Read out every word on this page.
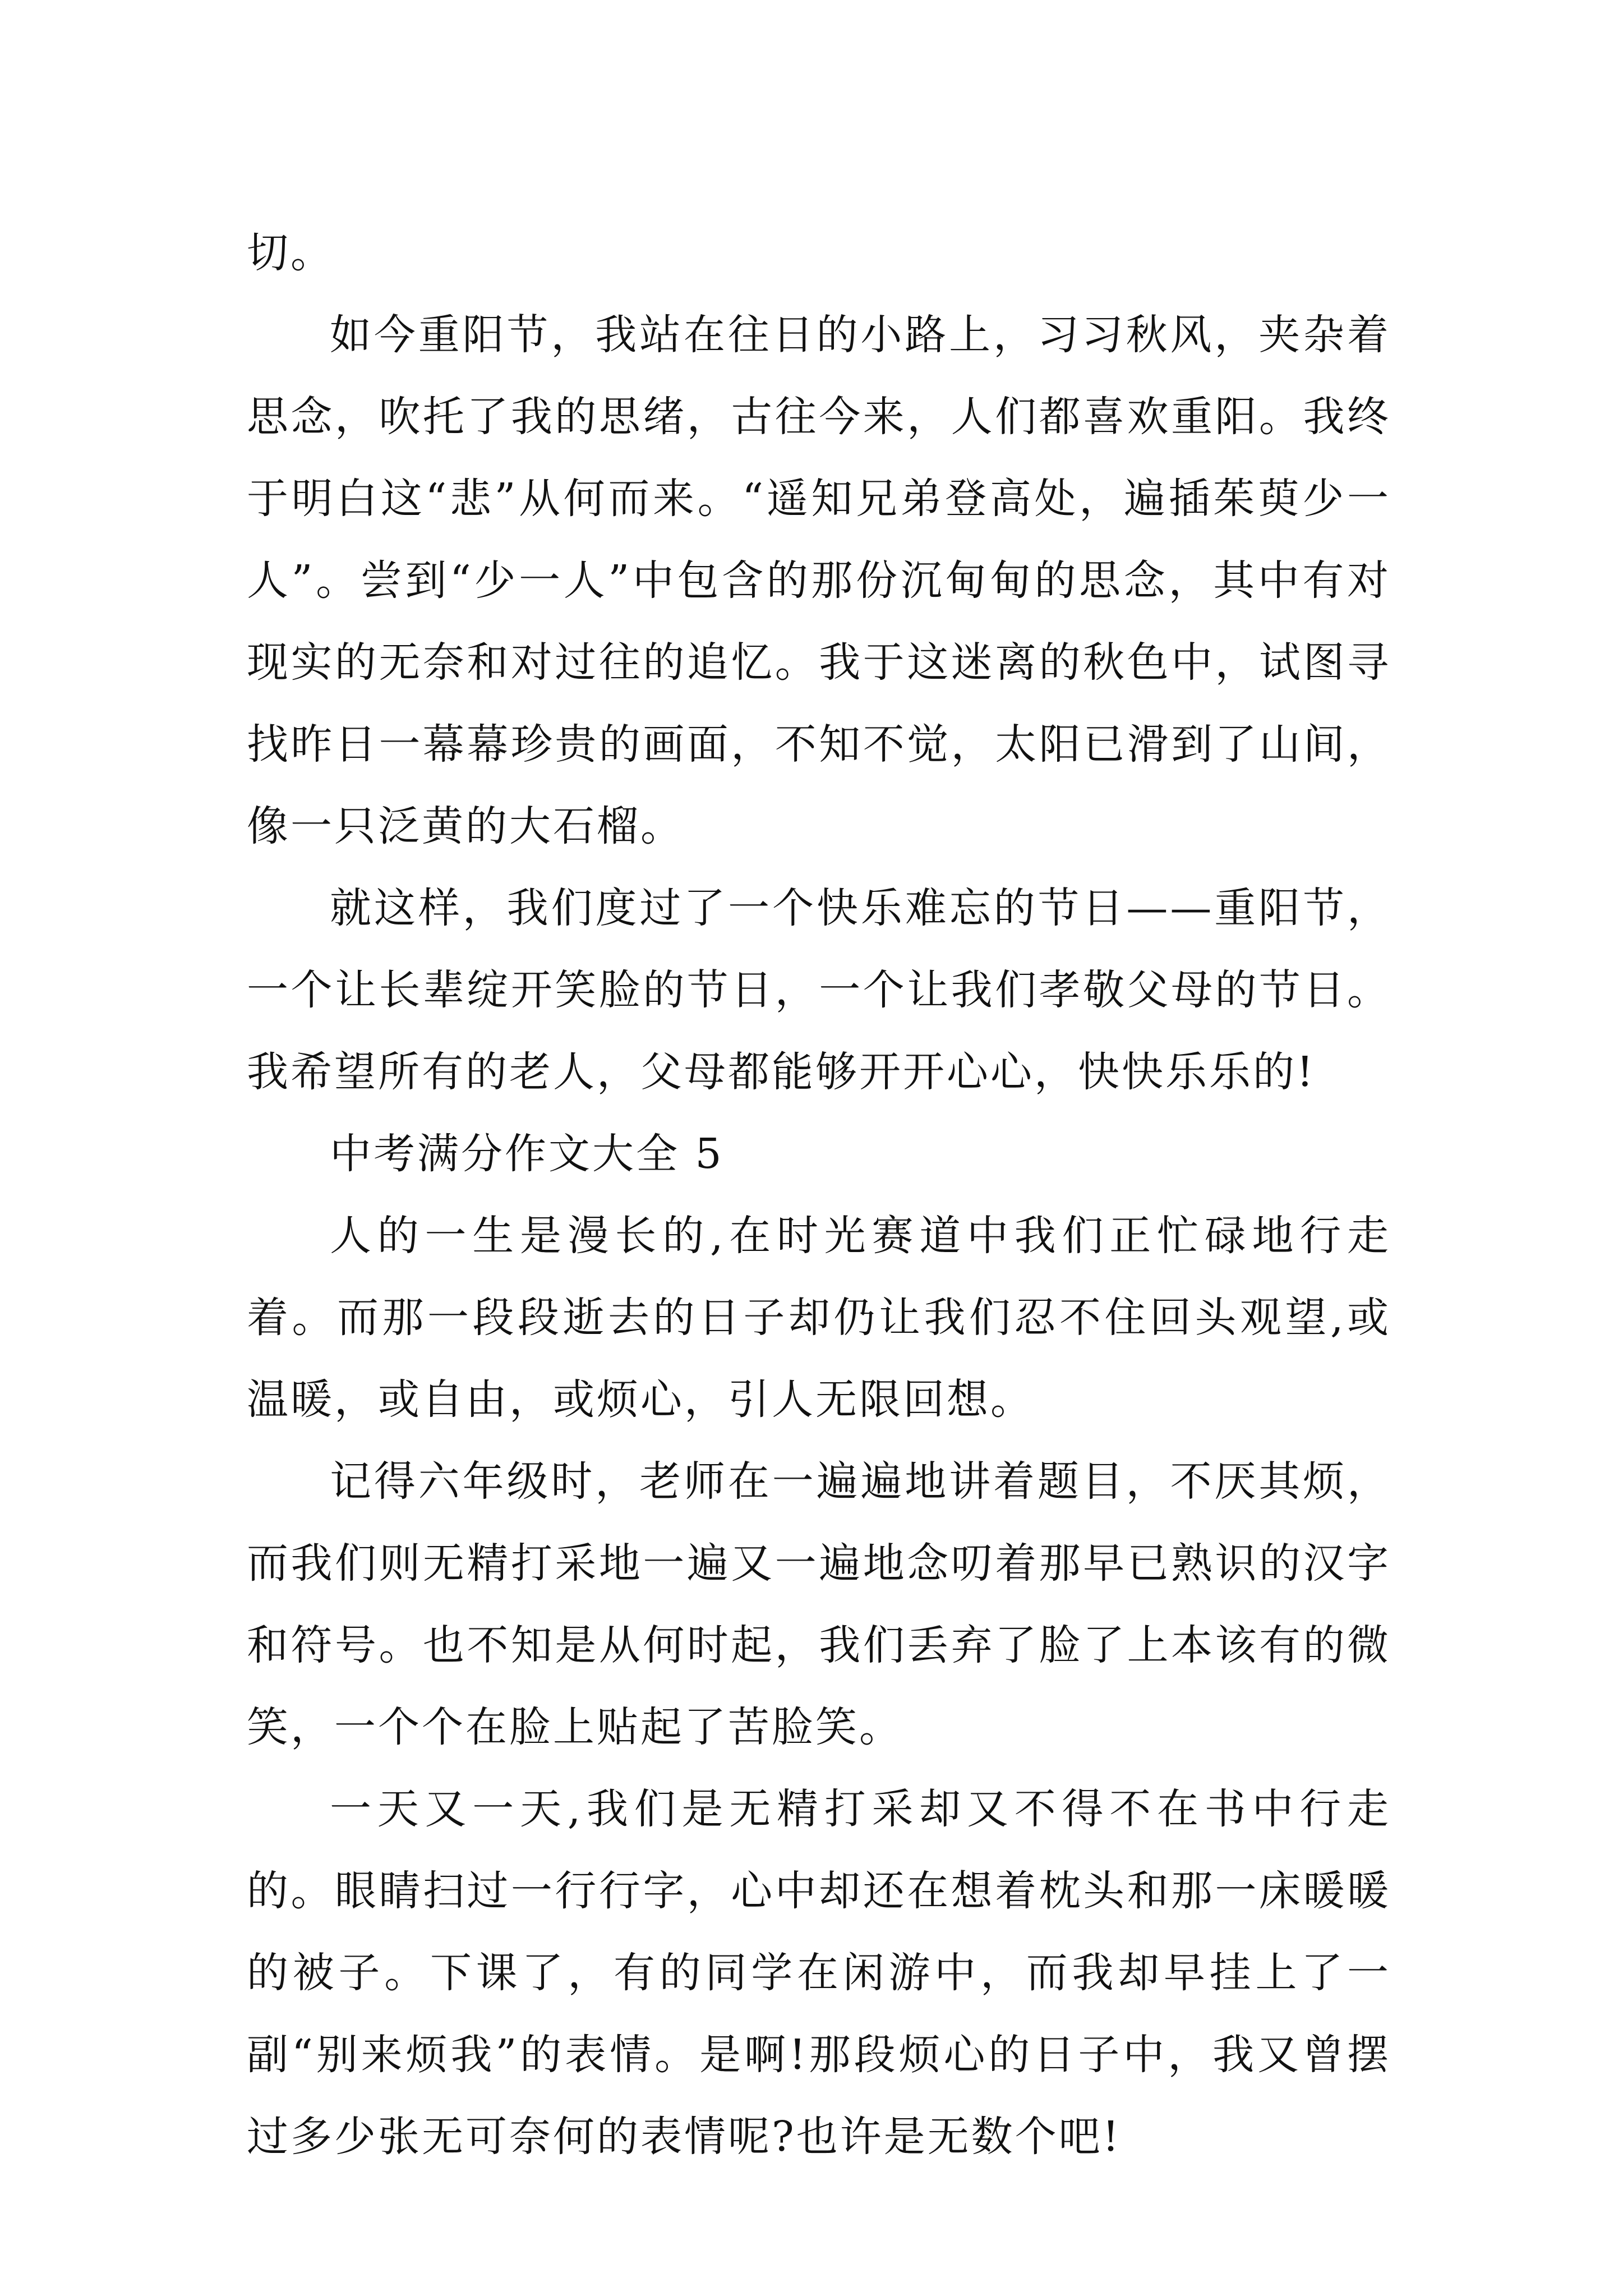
切。

如今重阳节，我站在往日的小路上，习习秋风，夹杂着思念，吹托了我的思绪，古往今来，人们都喜欢重阳。我终于明白这“悲”从何而来。“遥知兄弟登高处，遍插茱萸少一人”。尝到“少一人”中包含的那份沉甸甸的思念，其中有对现实的无奈和对过往的追忆。我于这迷离的秋色中，试图寻找昨日一幕幕珍贵的画面，不知不觉，太阳已滑到了山间，像一只泛黄的大石榴。

就这样，我们度过了一个快乐难忘的节日——重阳节，一个让长辈绽开笑脸的节日，一个让我们孝敬父母的节日。我希望所有的老人，父母都能够开开心心，快快乐乐的!

中考满分作文大全 5

人的一生是漫长的,在时光赛道中我们正忙碌地行走着。而那一段段逝去的日子却仍让我们忍不住回头观望,或温暖，或自由，或烦心，引人无限回想。

记得六年级时，老师在一遍遍地讲着题目，不厌其烦，而我们则无精打采地一遍又一遍地念叨着那早已熟识的汉字和符号。也不知是从何时起，我们丢弃了脸了上本该有的微笑，一个个在脸上贴起了苦脸笑。

一天又一天,我们是无精打采却又不得不在书中行走的。眼睛扫过一行行字，心中却还在想着枕头和那一床暖暖的被子。下课了，有的同学在闲游中，而我却早挂上了一副“别来烦我”的表情。是啊!那段烦心的日子中，我又曾摆过多少张无可奈何的表情呢?也许是无数个吧!
